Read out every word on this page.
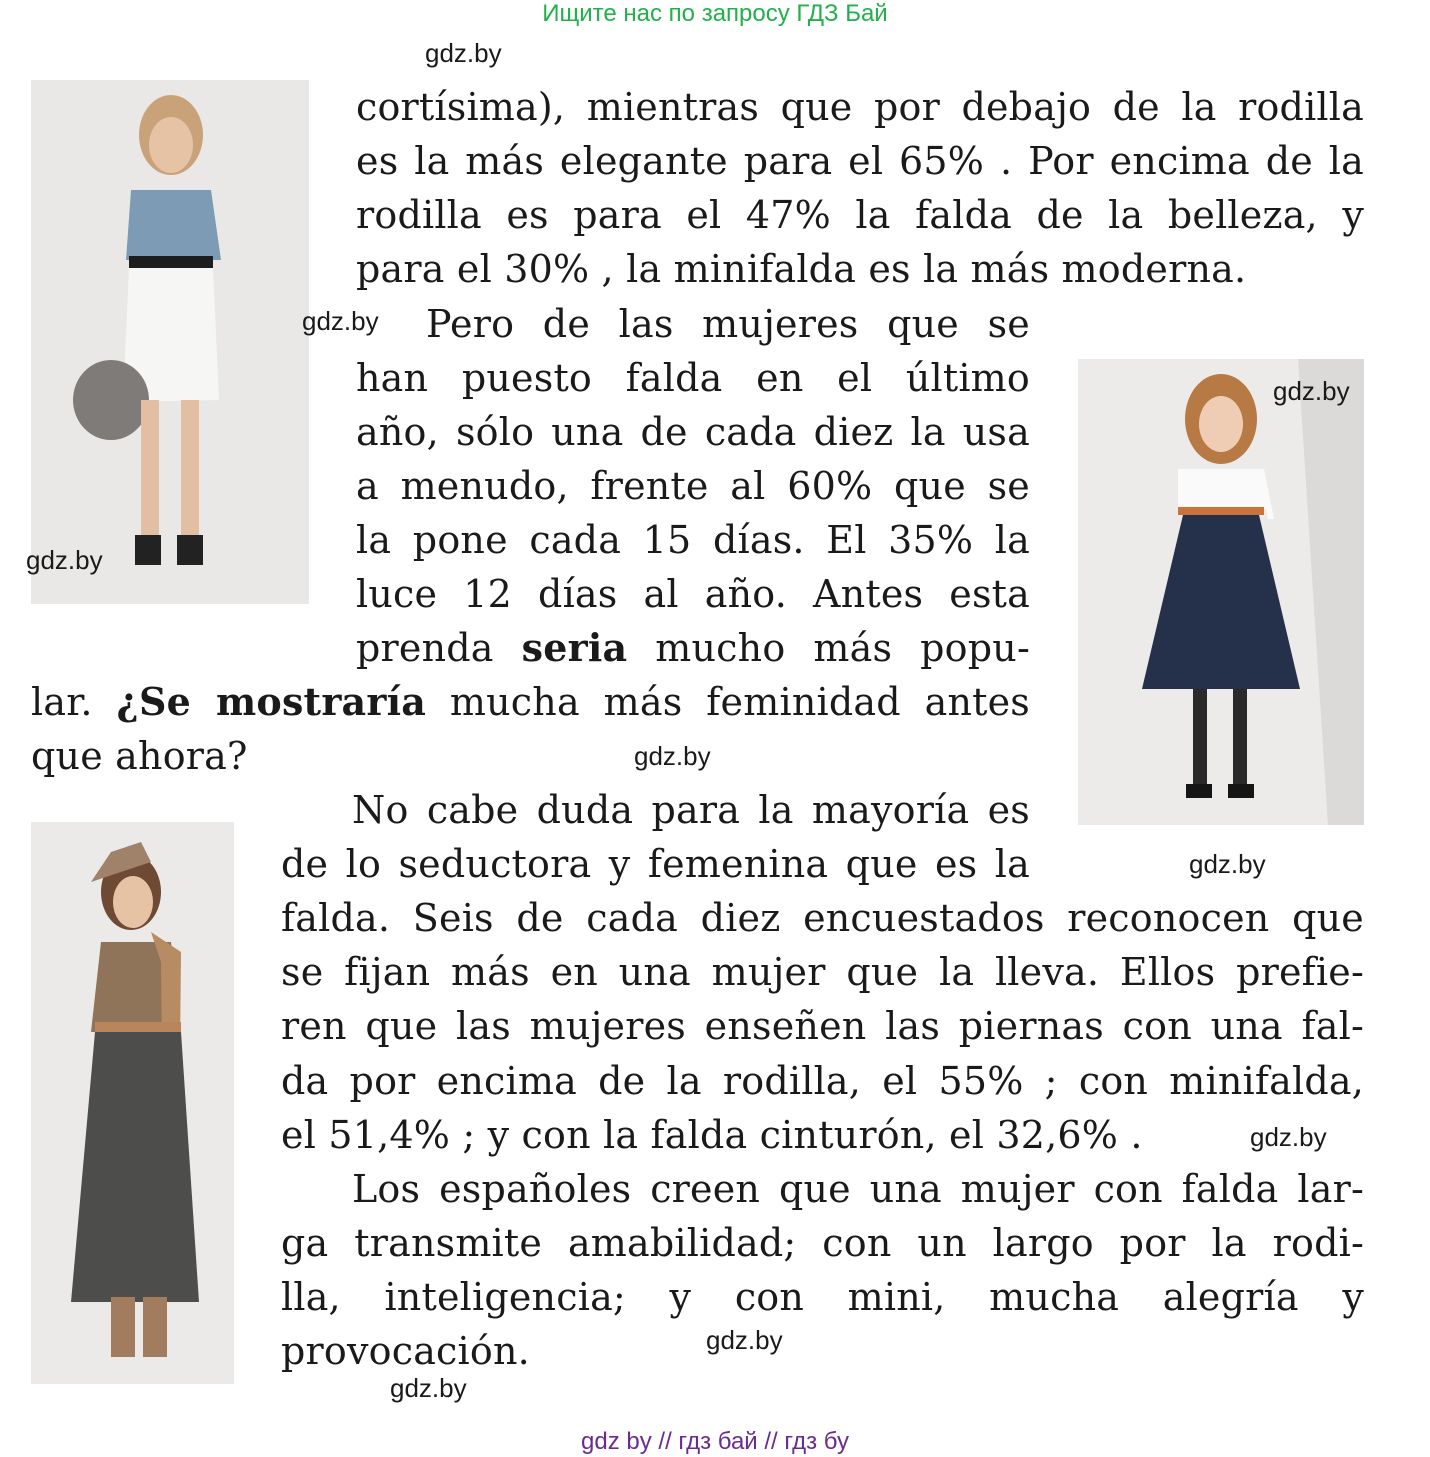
Ищите нас по запросу ГДЗ Бай
cortísima), mientras que por debajo de la rodilla
es la más elegante para el 65% . Por encima de la
rodilla es para el 47% la falda de la belleza, y
para el 30% , la minifalda es la más moderna.
Pero de las mujeres que se
han puesto falda en el último
año, sólo una de cada diez la usa
a menudo, frente al 60% que se
la pone cada 15 días. El 35% la
luce 12 días al año. Antes esta
prenda seria mucho más popu-
lar. ¿Se mostraría mucha más feminidad antes
que ahora?
No cabe duda para la mayoría es
de lo seductora y femenina que es la
falda. Seis de cada diez encuestados reconocen que
se fijan más en una mujer que la lleva. Ellos prefie-
ren que las mujeres enseñen las piernas con una fal-
da por encima de la rodilla, el 55% ; con minifalda,
el 51,4% ; y con la falda cinturón, el 32,6% .
Los españoles creen que una mujer con falda lar-
ga transmite amabilidad; con un largo por la rodi-
lla, inteligencia; y con mini, mucha alegría y
provocación.
gdz.by
gdz.by
gdz.by
gdz.by
gdz.by
gdz.by
gdz.by
gdz.by
gdz.by
gdz by // гдз бай // гдз бу
